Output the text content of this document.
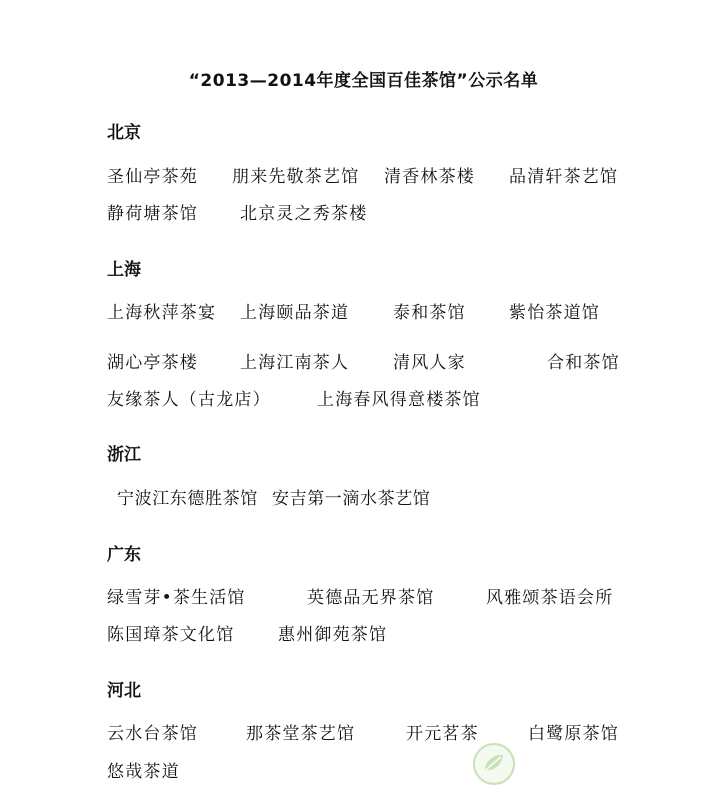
“2013—2014年度全国百佳茶馆”公示名单
北京
圣仙亭茶苑 朋来先敬茶艺馆 清香林茶楼 品清轩茶艺馆
静荷塘茶馆 北京灵之秀茶楼
上海
上海秋萍茶宴 上海颐品茶道	泰和茶馆	紫怡茶道馆
湖心亭茶楼 上海江南茶人	清风人家	合和茶馆
友缘茶人（古龙店）	上海春风得意楼茶馆
浙江
宁波江东德胜茶馆 安吉第一滴水茶艺馆
广东
绿雪芽•茶生活馆	英德品无界茶馆	风雅颂茶语会所
陈国璋茶文化馆	惠州御苑茶馆
河北
云水台茶馆	那茶堂茶艺馆	开元茗茶	白鹭原茶馆
悠哉茶道
